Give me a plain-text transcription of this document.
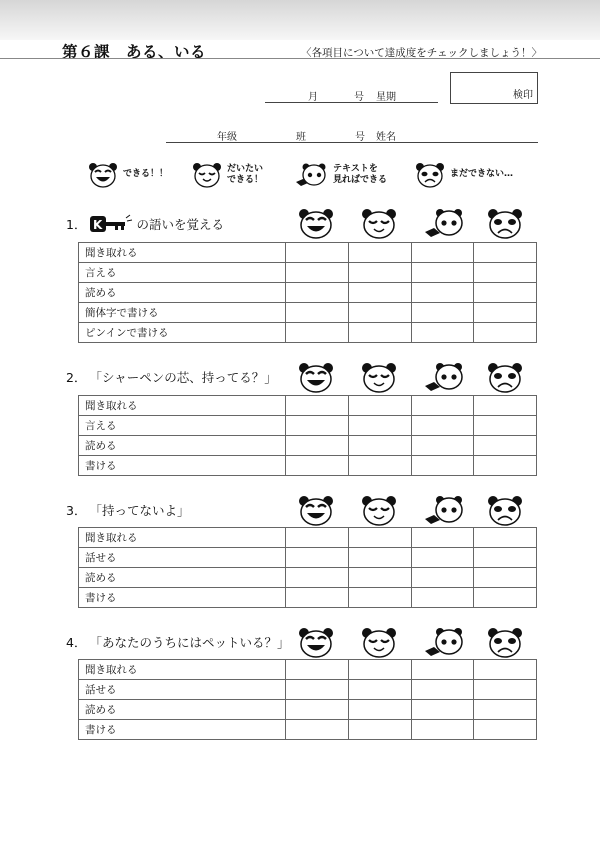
第６課　ある、いる	〈各項目について達成度をチェックしましょう！〉
月	号 星期	検印
年级	班	号 姓名
できる！！
だいたい
できる！
テキストを
見ればできる
まだできない…
1． K	の語いを覚える
聞き取れる				
言える				
読める				
簡体字で書ける				
ピンインで書ける				
2． 「シャーペンの芯、持ってる？」
聞き取れる				
言える				
読める				
書ける				
3． 「持ってないよ」
聞き取れる				
話せる				
読める				
書ける				
4． 「あなたのうちにはペットいる？」
聞き取れる				
話せる				
読める				
書ける				
